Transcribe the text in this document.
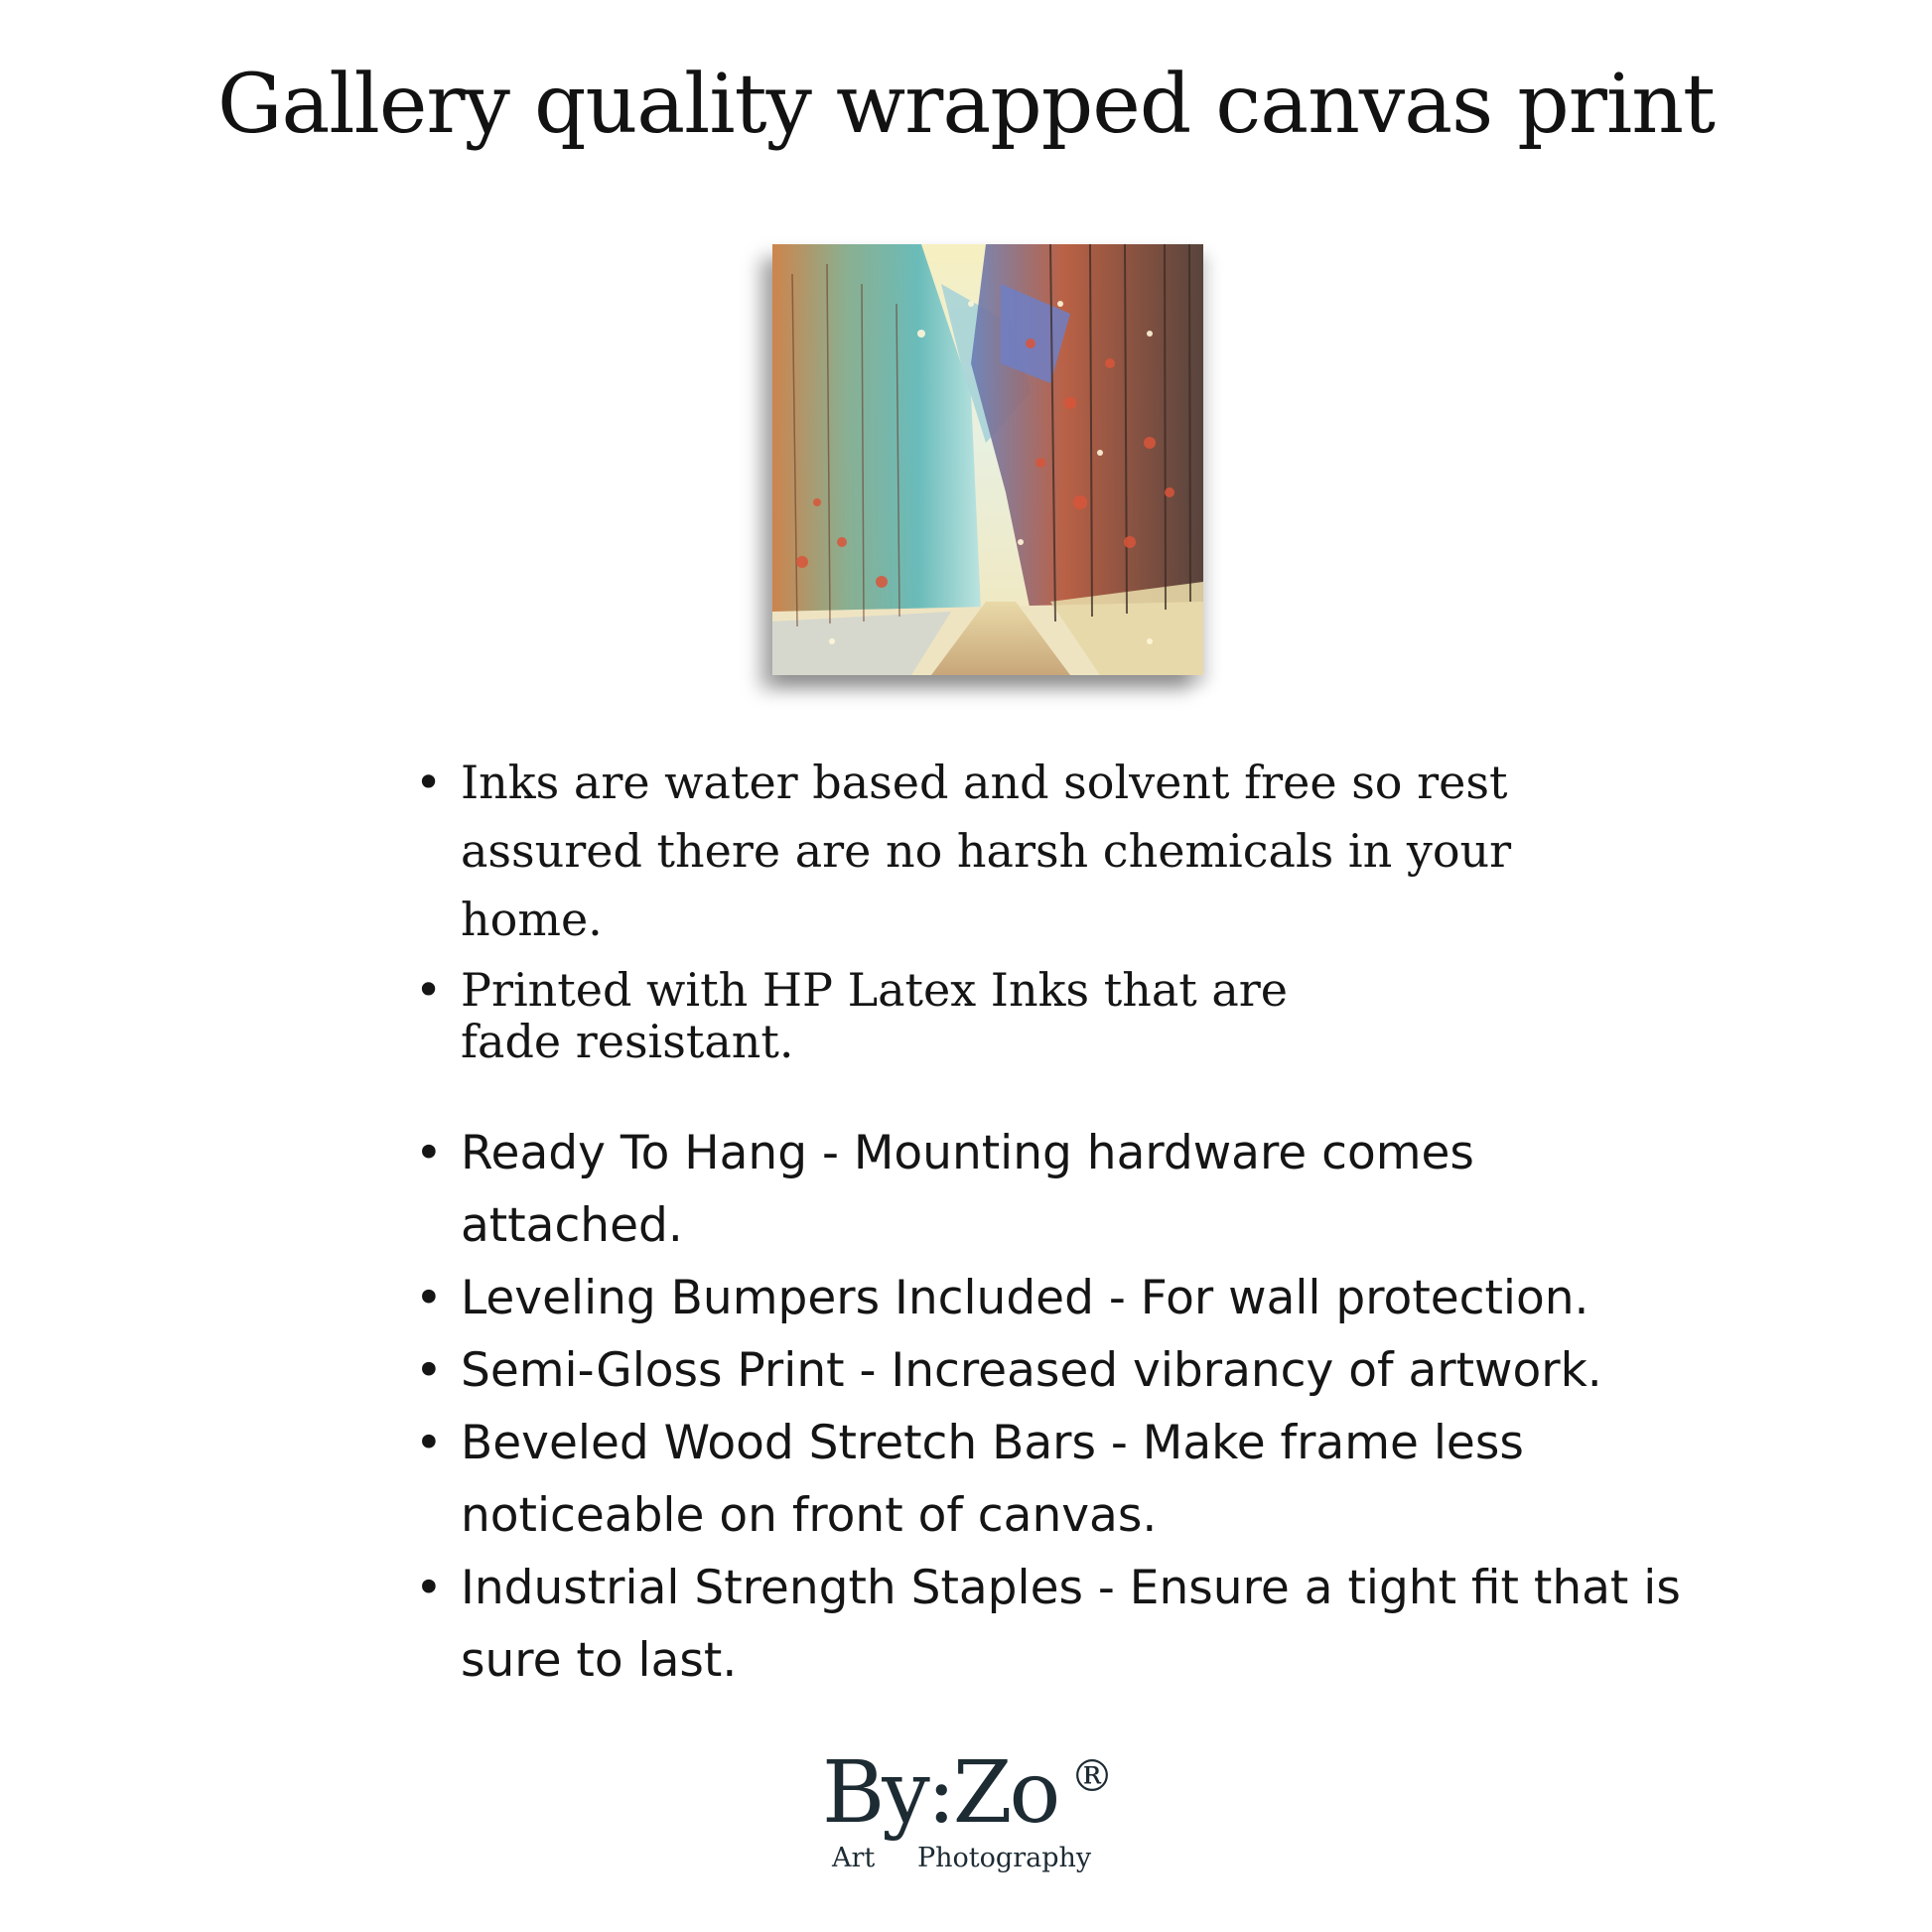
Gallery quality wrapped canvas print
• Inks are water based and solvent free so rest assured there are no harsh chemicals in your home.
• Printed with HP Latex Inks that are fade resistant.
• Ready To Hang - Mounting hardware comes attached.
• Leveling Bumpers Included - For wall protection.
• Semi-Gloss Print - Increased vibrancy of artwork.
• Beveled Wood Stretch Bars - Make frame less noticeable on front of canvas.
• Industrial Strength Staples - Ensure a tight fit that is sure to last.
By:Zo ®
Art Photography
